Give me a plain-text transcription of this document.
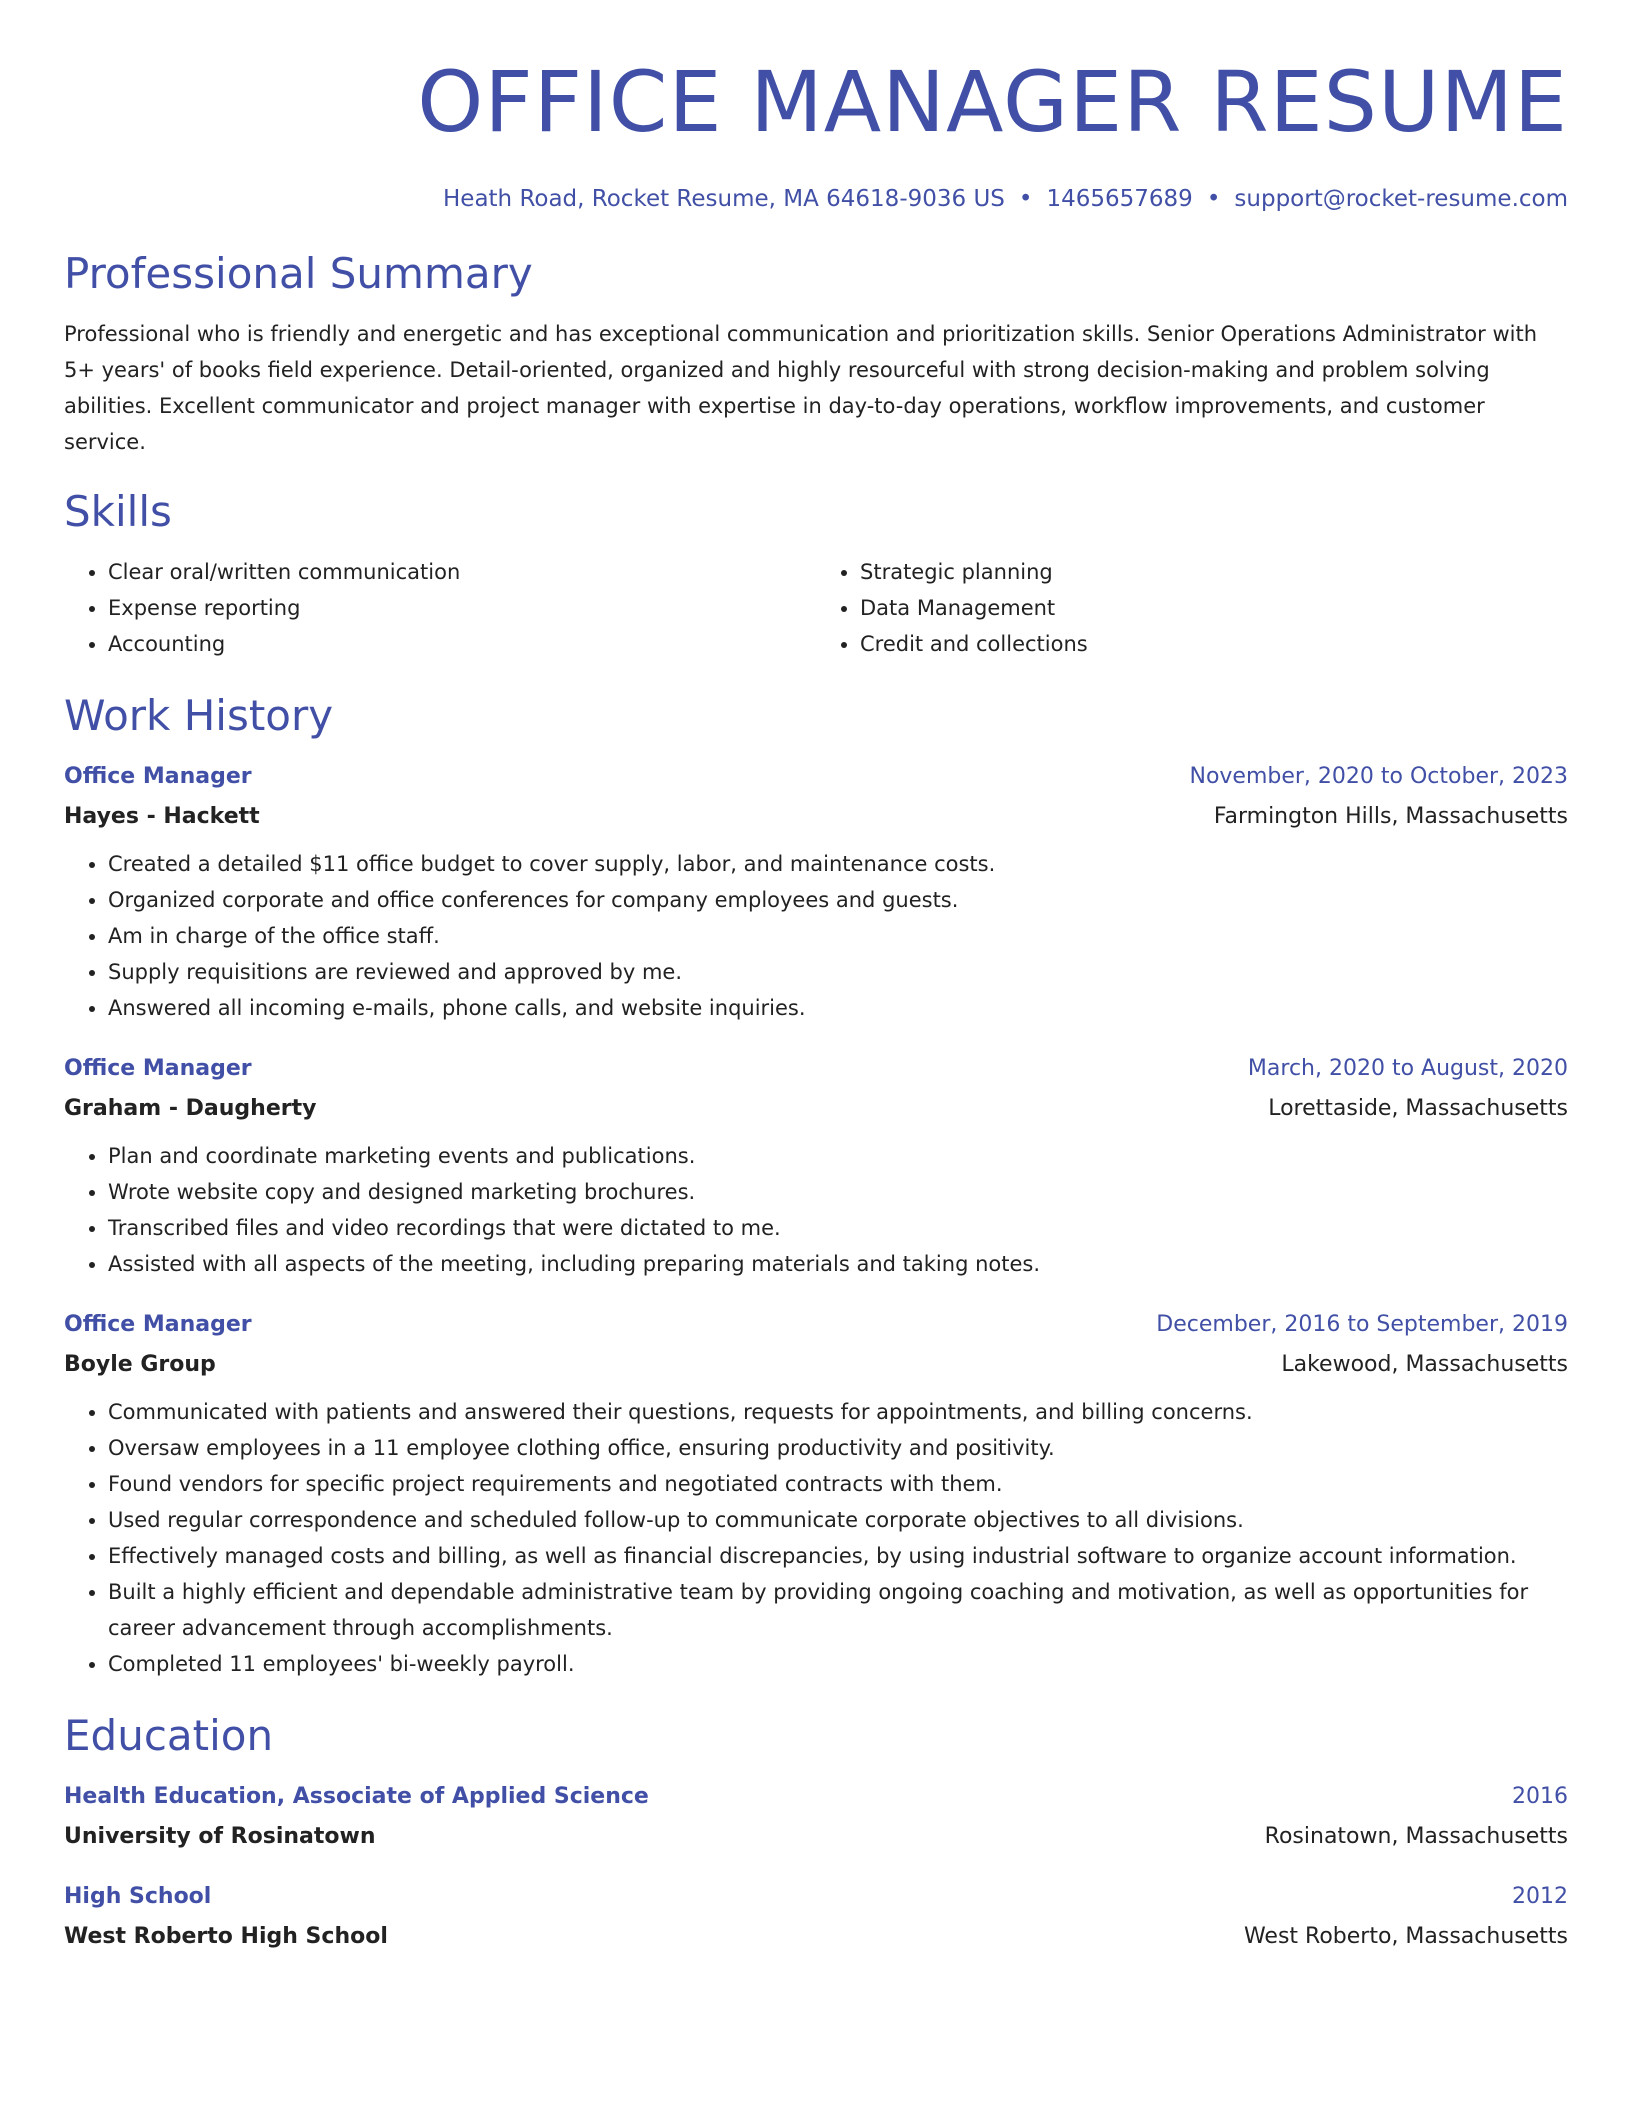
OFFICE MANAGER RESUME
Heath Road, Rocket Resume, MA 64618-9036 US • 1465657689 • support@rocket-resume.com
Professional Summary
Professional who is friendly and energetic and has exceptional communication and prioritization skills. Senior Operations Administrator with 5+ years' of books field experience. Detail-oriented, organized and highly resourceful with strong decision-making and problem solving abilities. Excellent communicator and project manager with expertise in day-to-day operations, workflow improvements, and customer service.
Skills
• Clear oral/written communication
• Expense reporting
• Accounting
• Strategic planning
• Data Management
• Credit and collections
Work History
Office Manager	November, 2020 to October, 2023
Hayes - Hackett	Farmington Hills, Massachusetts
• Created a detailed $11 office budget to cover supply, labor, and maintenance costs.
• Organized corporate and office conferences for company employees and guests.
• Am in charge of the office staff.
• Supply requisitions are reviewed and approved by me.
• Answered all incoming e-mails, phone calls, and website inquiries.
Office Manager	March, 2020 to August, 2020
Graham - Daugherty	Lorettaside, Massachusetts
• Plan and coordinate marketing events and publications.
• Wrote website copy and designed marketing brochures.
• Transcribed files and video recordings that were dictated to me.
• Assisted with all aspects of the meeting, including preparing materials and taking notes.
Office Manager	December, 2016 to September, 2019
Boyle Group	Lakewood, Massachusetts
• Communicated with patients and answered their questions, requests for appointments, and billing concerns.
• Oversaw employees in a 11 employee clothing office, ensuring productivity and positivity.
• Found vendors for specific project requirements and negotiated contracts with them.
• Used regular correspondence and scheduled follow-up to communicate corporate objectives to all divisions.
• Effectively managed costs and billing, as well as financial discrepancies, by using industrial software to organize account information.
• Built a highly efficient and dependable administrative team by providing ongoing coaching and motivation, as well as opportunities for career advancement through accomplishments.
• Completed 11 employees' bi-weekly payroll.
Education
Health Education, Associate of Applied Science	2016
University of Rosinatown	Rosinatown, Massachusetts
High School	2012
West Roberto High School	West Roberto, Massachusetts
